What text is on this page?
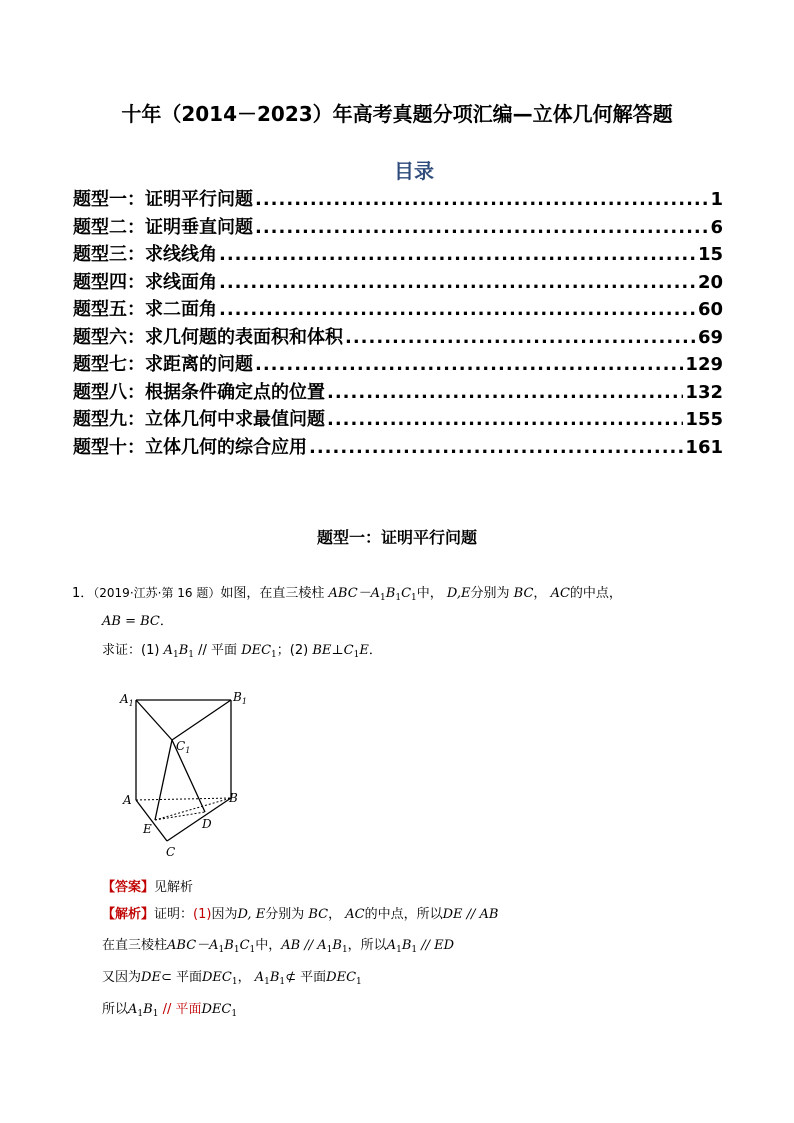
十年（2014－2023）年高考真题分项汇编—立体几何解答题
目录
题型一：证明平行问题 .....	1
题型二：证明垂直问题 .....	6
题型三：求线线角 .....	15
题型四：求线面角 .....	20
题型五：求二面角 .....	60
题型六：求几何题的表面积和体积 .....	69
题型七：求距离的问题 .....	129
题型八：根据条件确定点的位置 .....	132
题型九：立体几何中求最值问题 .....	155
题型十：立体几何的综合应用 .....	161
题型一：证明平行问题
1．（2019·江苏·第 16 题）如图，在直三棱柱 $ABC-A_1B_1C_1$中， D,E分别为 BC， AC的中点，
AB = BC．
求证：(1) $A_1B_1$ // 平面 $DEC_1$；(2) $BE\perp C_1E$．
$A_1$	$B_1$
$C_1$
A	B
E	D
C
【答案】见解析
【解析】证明：(1)因为D, E分别为 BC， AC的中点，所以DE // AB
在直三棱柱$ABC-A_1B_1C_1$中，AB // $A_1B_1$，所以$A_1B_1$ // ED
又因为DE⊂ 平面$DEC_1$， $A_1B_1⊄$ 平面$DEC_1$
所以$A_1B_1$ // 平面$DEC_1$
